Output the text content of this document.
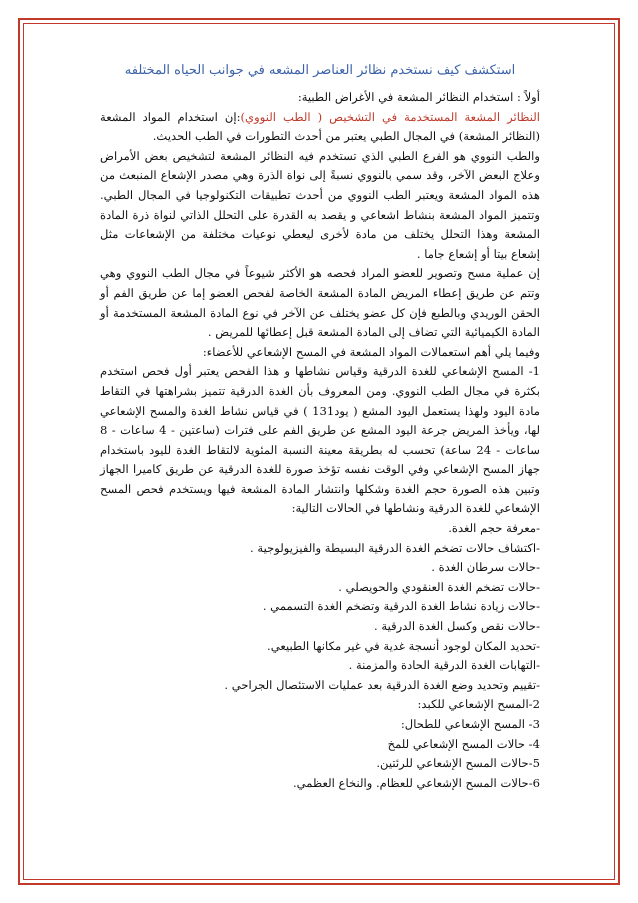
استكشف كيف نستخدم نظائر العناصر المشعه في جوانب الحياه المختلفه

أولاً : استخدام النظائر المشعة في الأغراض الطبية:

النظائر المشعة المستخدمة في التشخيص ( الطب النووي):إن استخدام المواد المشعة (النظائر المشعة) في المجال الطبي يعتبر من أحدث التطورات في الطب الحديث.

والطب النووي هو الفرع الطبي الذي تستخدم فيه النظائر المشعة لتشخيص بعض الأمراض وعلاج البعض الآخر، وقد سمي بالنووي نسبةً إلى نواة الذرة وهي مصدر الإشعاع المنبعث من هذه المواد المشعة ويعتبر الطب النووي من أحدث تطبيقات التكنولوجيا في المجال الطبي. وتتميز المواد المشعة بنشاط اشعاعي و يقصد به القدرة على التحلل الذاتي لنواة ذرة المادة المشعة وهذا التحلل يختلف من مادة لأخرى ليعطي نوعيات مختلفة من الإشعاعات مثل إشعاع بيتا أو إشعاع جاما .

إن عملية مسح وتصوير للعضو المراد فحصه هو الأكثر شيوعاً في مجال الطب النووي وهي وتتم عن طريق إعطاء المريض المادة المشعة الخاصة لفحص العضو إما عن طريق الفم أو الحقن الوريدي وبالطبع فإن كل عضو يختلف عن الآخر في نوع المادة المشعة المستخدمة أو المادة الكيميائية التي تضاف إلى المادة المشعة قبل إعطائها للمريض .

وفيما يلي أهم استعمالات المواد المشعة في المسح الإشعاعي للأعضاء:

1- المسح الإشعاعي للغدة الدرقية وقياس نشاطها و هذا الفحص يعتبر أول فحص استخدم بكثرة في مجال الطب النووي. ومن المعروف بأن الغدة الدرقية تتميز بشراهتها في التقاط مادة اليود ولهذا يستعمل اليود المشع ( يود131 ) في قياس نشاط الغدة والمسح الإشعاعي لها، ويأخذ المريض جرعة اليود المشع عن طريق الفم على فترات (ساعتين - 4 ساعات - 8 ساعات - 24 ساعة) تحسب له بطريقة معينة النسبة المئوية لالتقاط الغدة لليود باستخدام جهاز المسح الإشعاعي وفي الوقت نفسه تؤخذ صورة للغدة الدرقية عن طريق كاميرا الجهاز وتبين هذه الصورة حجم الغدة وشكلها وانتشار المادة المشعة فيها ويستخدم فحص المسح الإشعاعي للغدة الدرقية ونشاطها في الحالات التالية:

-معرفة حجم الغدة.
-اكتشاف حالات تضخم الغدة الدرقية البسيطة والفيزيولوجية .
-حالات سرطان الغدة .
-حالات تضخم الغدة العنقودي والحويصلي .
-حالات زيادة نشاط الغدة الدرقية وتضخم الغدة التسممي .
-حالات نقص وكسل الغدة الدرقية .
-تحديد المكان لوجود أنسجة غدية في غير مكانها الطبيعي.
-التهابات الغدة الدرقية الحادة والمزمنة .
-تقييم وتحديد وضع الغدة الدرقية بعد عمليات الاستئصال الجراحي .
2-المسح الإشعاعي للكبد:
3- المسح الإشعاعي للطحال:
4- حالات المسح الإشعاعي للمخ
5-حالات المسح الإشعاعي للرئتين.
6-حالات المسح الإشعاعي للعظام. والنخاع العظمي.
